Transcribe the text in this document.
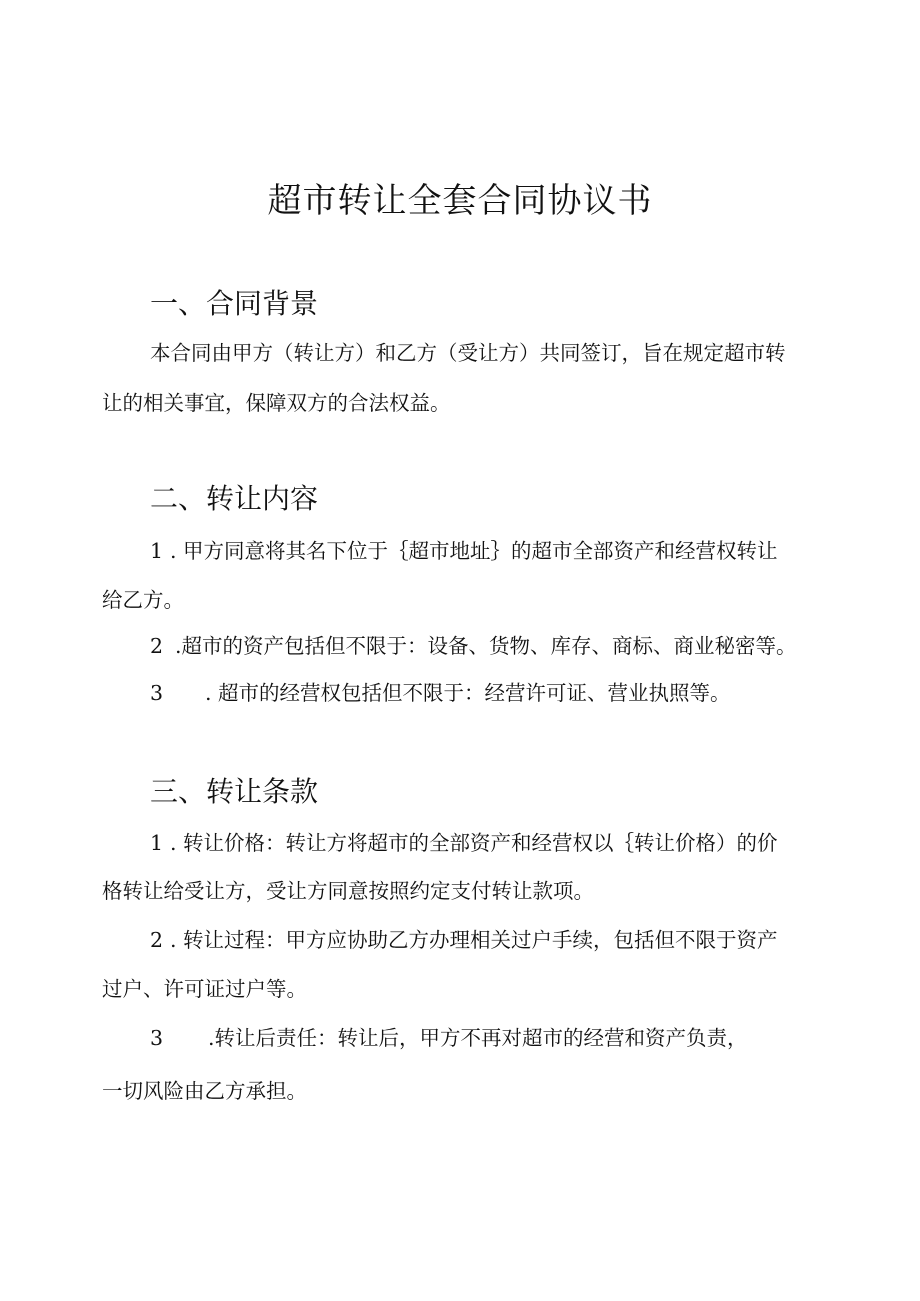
超市转让全套合同协议书
一、合同背景

本合同由甲方（转让方）和乙方（受让方）共同签订，旨在规定超市转

让的相关事宜，保障双方的合法权益。

二、转让内容
1 . 甲方同意将其名下位于｛超市地址｝的超市全部资产和经营权转让

给乙方。

2 .超市的资产包括但不限于：设备、货物、库存、商标、商业秘密等。

3 . 超市的经营权包括但不限于：经营许可证、营业执照等。

三、转让条款
1 . 转让价格：转让方将超市的全部资产和经营权以｛转让价格）的价

格转让给受让方，受让方同意按照约定支付转让款项。

2 . 转让过程：甲方应协助乙方办理相关过户手续，包括但不限于资产

过户、许可证过户等。

3 .转让后责任：转让后，甲方不再对超市的经营和资产负责，

一切风险由乙方承担。
